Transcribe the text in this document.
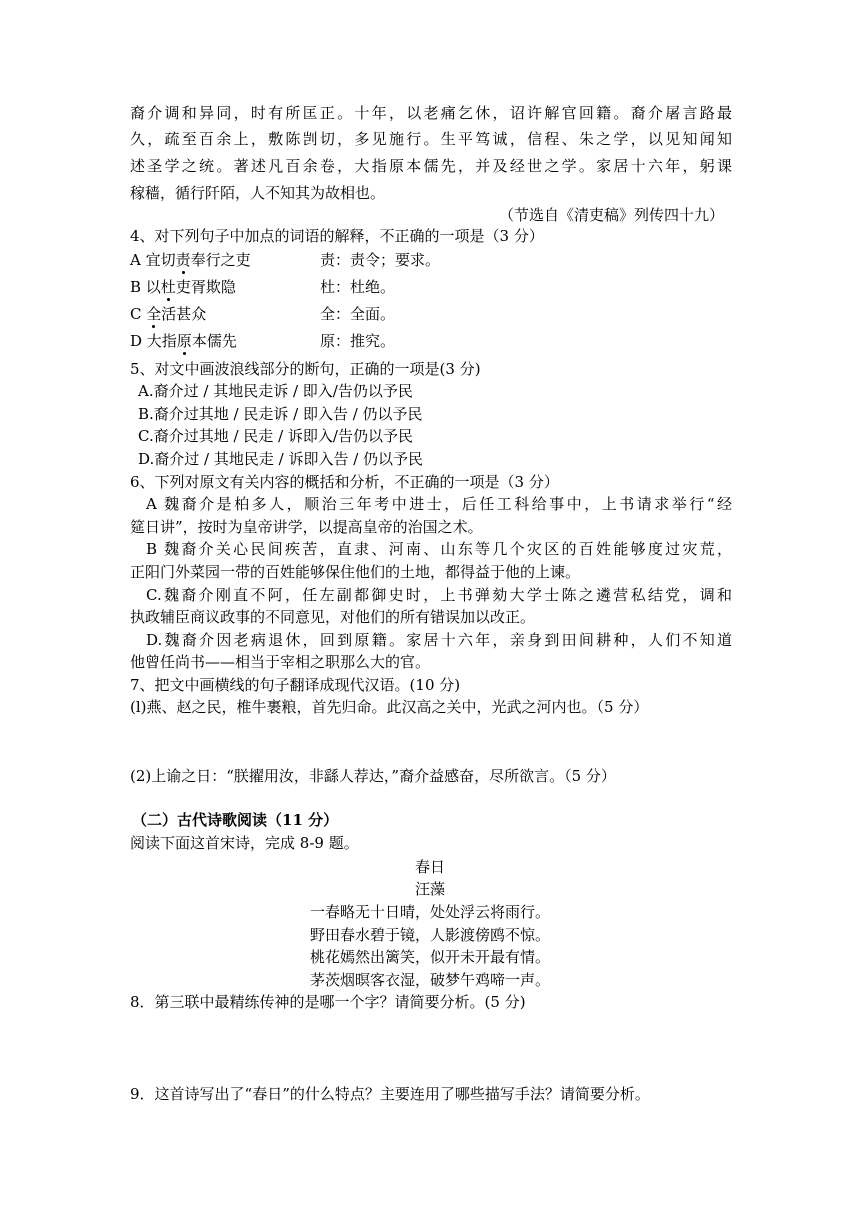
裔介调和异同，时有所匡正。十年，以老痛乞休，诏许解官回籍。裔介屠言路最
久，疏至百余上，敷陈剀切，多见施行。生平笃诚，信程、朱之学，以见知闻知
述圣学之统。著述凡百余卷，大指原本儒先，并及经世之学。家居十六年，躬课
稼穑，循行阡陌，人不知其为故相也。
（节选自《清吏稿》列传四十九）
4、对下列句子中加点的词语的解释，不正确的一项是（3 分）
A 宜切责奉行之吏	责：责令；要求。
B 以杜吏胥欺隐	杜：杜绝。
C 全活甚众	全：全面。
D 大指原本儒先	原：推究。
5、对文中画波浪线部分的断句，正确的一项是(3 分)
A.裔介过 / 其地民走诉 / 即入/告仍以予民
B.裔介过其地 / 民走诉 / 即入告 / 仍以予民
C.裔介过其地 / 民走 / 诉即入/告仍以予民
D.裔介过 / 其地民走 / 诉即入告 / 仍以予民
6、下列对原文有关内容的概括和分析，不正确的一项是（3 分）
A 魏裔介是柏多人，顺治三年考中进士，后任工科给事中，上书请求举行“经
筵日讲”，按时为皇帝讲学，以提高皇帝的治国之术。
B 魏裔介关心民间疾苦，直隶、河南、山东等几个灾区的百姓能够度过灾荒，
正阳门外菜园一带的百姓能够保住他们的土地，都得益于他的上谏。
C.魏裔介刚直不阿，任左副都御史时，上书弹劾大学士陈之遴营私结党，调和
执政辅臣商议政事的不同意见，对他们的所有错误加以改正。
D.魏裔介因老病退休，回到原籍。家居十六年，亲身到田间耕种，人们不知道
他曾任尚书——相当于宰相之职那么大的官。
7、把文中画横线的句子翻译成现代汉语。(10 分)
(l)燕、赵之民，椎牛裹粮，首先归命。此汉高之关中，光武之河内也。（5 分）
(2)上谕之日：“朕擢用汝，非繇人荐达，”裔介益感奋，尽所欲言。（5 分）
（二）古代诗歌阅读（11 分）
阅读下面这首宋诗，完成 8-9 题。
春日
汪藻
一春略无十日晴，处处浮云将雨行。
野田春水碧于镜，人影渡傍鸥不惊。
桃花嫣然出篱笑，似开未开最有情。
茅茨烟暝客衣湿，破梦午鸡啼一声。
8．第三联中最精练传神的是哪一个字？请简要分析。(5 分)
9．这首诗写出了“春日”的什么特点？主要连用了哪些描写手法？请简要分析。
